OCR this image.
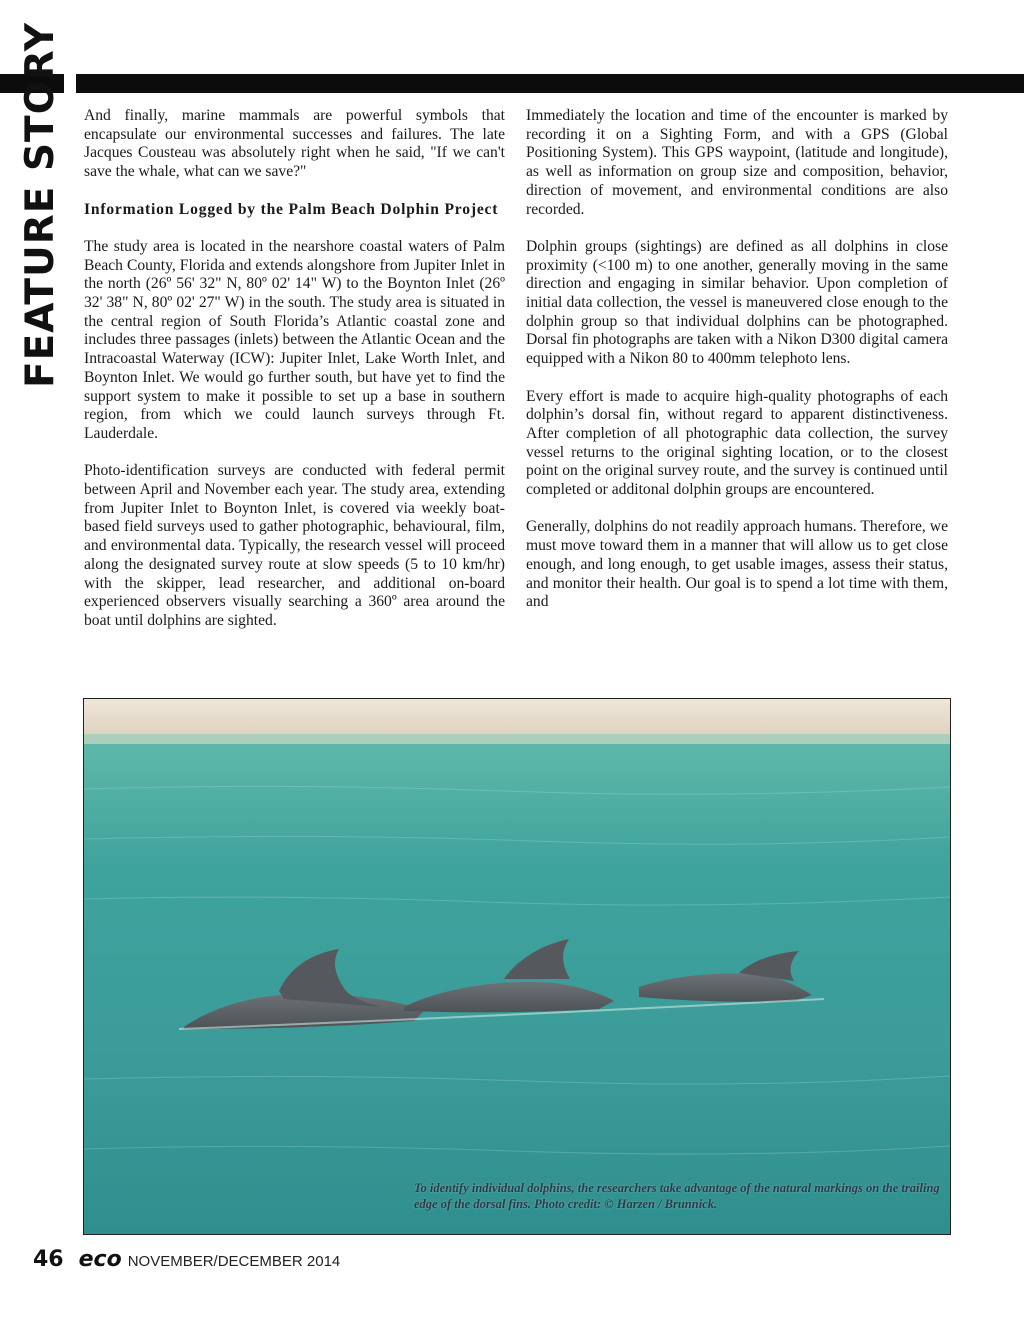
FEATURE STORY And finally, marine mammals are powerful symbols that encapsulate our environmental successes and failures. The late Jacques Cousteau was absolutely right when he said, "If we can't save the whale, what can we save?"

Information Logged by the Palm Beach Dolphin Project

The study area is located in the nearshore coastal waters of Palm Beach County, Florida and extends alongshore from Jupiter Inlet in the north (26º 56' 32" N, 80º 02' 14" W) to the Boynton Inlet (26º 32' 38" N, 80º 02' 27" W) in the south. The study area is situated in the central region of South Florida’s Atlantic coastal zone and includes three passages (inlets) between the Atlantic Ocean and the Intracoastal Waterway (ICW): Jupiter Inlet, Lake Worth Inlet, and Boynton Inlet. We would go further south, but have yet to find the support system to make it possible to set up a base in southern region, from which we could launch surveys through Ft. Lauderdale.

Photo-identification surveys are conducted with federal permit between April and November each year. The study area, extending from Jupiter Inlet to Boynton Inlet, is covered via weekly boat-based field surveys used to gather photographic, behavioural, film, and environmental data. Typically, the research vessel will proceed along the designated survey route at slow speeds (5 to 10 km/hr) with the skipper, lead researcher, and additional on-board experienced observers visually searching a 360º area around the boat until dolphins are sighted.

Immediately the location and time of the encounter is marked by recording it on a Sighting Form, and with a GPS (Global Positioning System). This GPS waypoint, (latitude and longitude), as well as information on group size and composition, behavior, direction of movement, and environmental conditions are also recorded.

Dolphin groups (sightings) are defined as all dolphins in close proximity (<100 m) to one another, generally moving in the same direction and engaging in similar behavior. Upon completion of initial data collection, the vessel is maneuvered close enough to the dolphin group so that individual dolphins can be photographed. Dorsal fin photographs are taken with a Nikon D300 digital camera equipped with a Nikon 80 to 400mm telephoto lens.

Every effort is made to acquire high-quality photographs of each dolphin’s dorsal fin, without regard to apparent distinctiveness. After completion of all photographic data collection, the survey vessel returns to the original sighting location, or to the closest point on the original survey route, and the survey is continued until completed or additonal dolphin groups are encountered.

Generally, dolphins do not readily approach humans. Therefore, we must move toward them in a manner that will allow us to get close enough, and long enough, to get usable images, assess their status, and monitor their health. Our goal is to spend a lot time with them, and

To identify individual dolphins, the researchers take advantage of the natural markings on the trailing edge of the dorsal fins. Photo credit: © Harzen / Brunnick.
46 eco NOVEMBER/DECEMBER 2014
